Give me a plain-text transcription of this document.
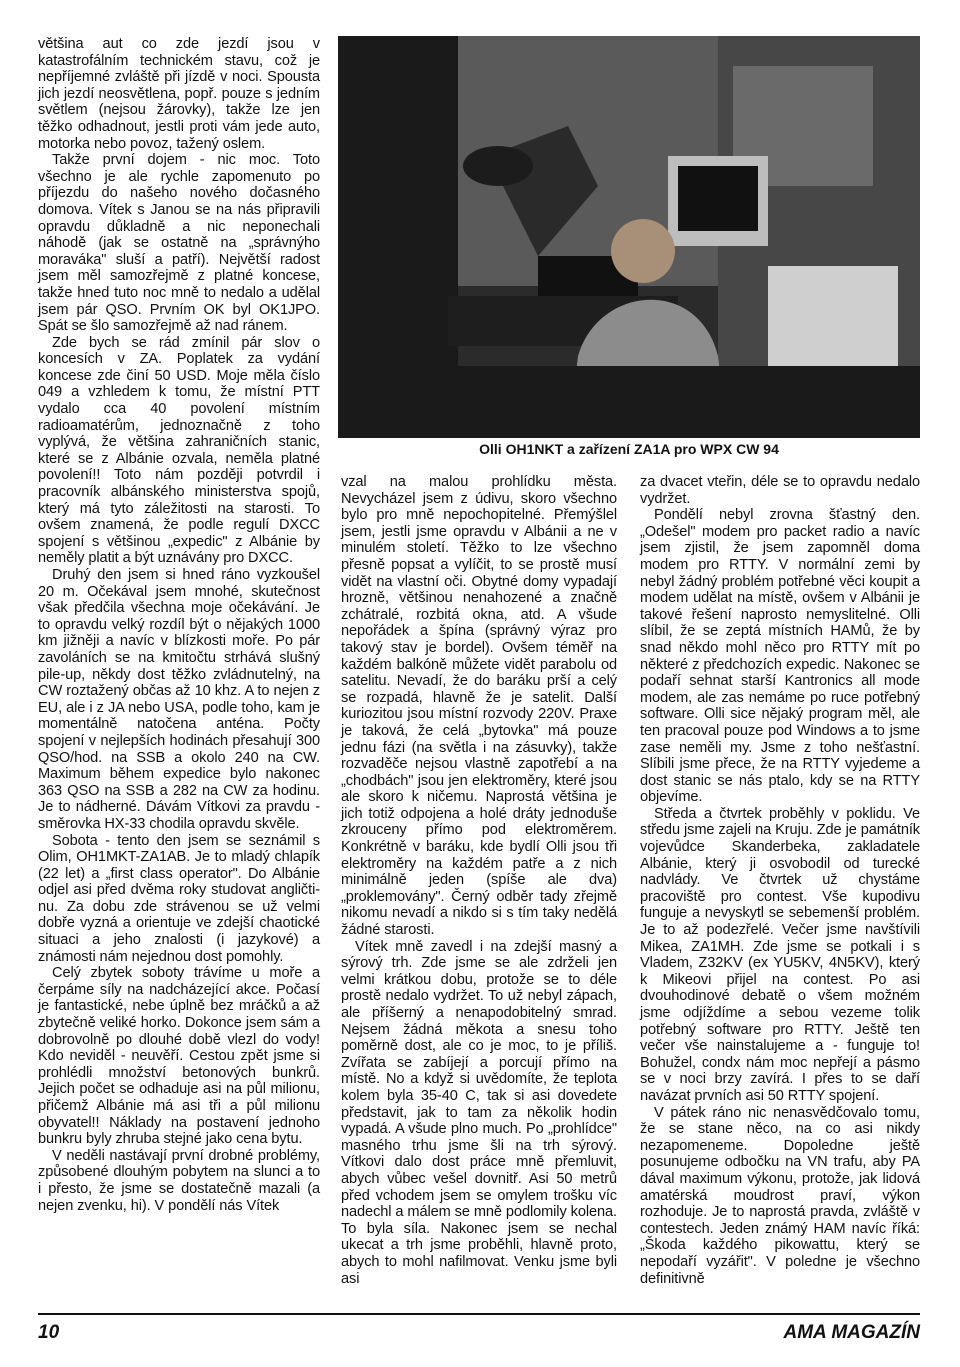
většina aut co zde jezdí jsou v katastrofálním technickém stavu, což je nepříjemné zvláště při jízdě v noci. Spousta jich jezdí neosvětlena, popř. pouze s jedním světlem (nejsou žárovky), takže lze jen těžko odhadnout, jestli proti vám jede auto, motorka nebo povoz, tažený oslem.

Takže první dojem - nic moc. Toto všechno je ale rychle zapomenuto po příjezdu do našeho nového dočasného domova. Vítek s Janou se na nás připravili opravdu důkladně a nic neponechali náhodě (jak se ostatně na „správnýho moraváka" sluší a patří). Největší radost jsem měl samozřejmě z platné koncese, takže hned tuto noc mně to nedalo a udělal jsem pár QSO. Prvním OK byl OK1JPO. Spát se šlo samozřejmě až nad ránem.

Zde bych se rád zmínil pár slov o koncesích v ZA. Poplatek za vydání koncese zde činí 50 USD. Moje měla číslo 049 a vzhledem k tomu, že místní PTT vydalo cca 40 povolení místním radioamatérům, jednoznačně z toho vyplývá, že většina zahraničních stanic, které se z Albánie ozvala, neměla platné povolení!! Toto nám později potvrdil i pracovník albánského ministerstva spojů, který má tyto záležitosti na starosti. To ovšem znamená, že podle regulí DXCC spojení s většinou „expedic" z Albánie by neměly platit a být uznávány pro DXCC.

Druhý den jsem si hned ráno vyzkoušel 20 m. Očekával jsem mnohé, skutečnost však předčila všechna moje očekávání. Je to opravdu velký rozdíl být o nějakých 1000 km jižněji a navíc v blízkosti moře. Po pár zavoláních se na kmitočtu strhává slušný pile-up, někdy dost těžko zvládnutelný, na CW roztažený občas až 10 khz. A to nejen z EU, ale i z JA nebo USA, podle toho, kam je momentálně natočena anténa. Počty spojení v nejlepších hodinách přesahují 300 QSO/hod. na SSB a okolo 240 na CW. Maximum během expedice bylo nakonec 363 QSO na SSB a 282 na CW za hodinu. Je to nádherné. Dávám Vítkovi za pravdu - směrovka HX-33 chodila opravdu skvěle.

Sobota - tento den jsem se seznámil s Olim, OH1MKT-ZA1AB. Je to mladý chlapík (22 let) a „first class operator". Do Albánie odjel asi před dvěma roky studovat angličti-nu. Za dobu zde strávenou se už velmi dobře vyzná a orientuje ve zdejší chaotické situaci a jeho znalosti (i jazykové) a známosti nám nejednou dost pomohly.

Celý zbytek soboty trávíme u moře a čerpáme síly na nadcházející akce. Počasí je fantastické, nebe úplně bez mráčků a až zbytečně veliké horko. Dokonce jsem sám a dobrovolně po dlouhé době vlezl do vody! Kdo neviděl - neuvěří. Cestou zpět jsme si prohlédli množství betonových bunkrů. Jejich počet se odhaduje asi na půl milionu, přičemž Albánie má asi tři a půl milionu obyvatel!! Náklady na postavení jednoho bunkru byly zhruba stejné jako cena bytu.

V neděli nastávají první drobné problémy, způsobené dlouhým pobytem na slunci a to i přesto, že jsme se dostatečně mazali (a nejen zvenku, hi). V pondělí nás Vítek

Olli OH1NKT a zařízení ZA1A pro WPX CW 94

vzal na malou prohlídku města. Nevycházel jsem z údivu, skoro všechno bylo pro mně nepochopitelné. Přemýšlel jsem, jestli jsme opravdu v Albánii a ne v minulém století. Těžko to lze všechno přesně popsat a vylíčit, to se prostě musí vidět na vlastní oči. Obytné domy vypadají hrozně, většinou nenahozené a značně zchátralé, rozbitá okna, atd. A všude nepořádek a špína (správný výraz pro takový stav je bordel). Ovšem téměř na každém balkóně můžete vidět parabolu od satelitu. Nevadí, že do baráku prší a celý se rozpadá, hlavně že je satelit. Další kuriozitou jsou místní rozvody 220V. Praxe je taková, že celá „bytovka" má pouze jednu fázi (na světla i na zásuvky), takže rozvaděče nejsou vlastně zapotřebí a na „chodbách" jsou jen elektroměry, které jsou ale skoro k ničemu. Naprostá většina je jich totiž odpojena a holé dráty jednoduše zkrouceny přímo pod elektroměrem. Konkrétně v baráku, kde bydlí Olli jsou tři elektroměry na každém patře a z nich minimálně jeden (spíše ale dva) „proklemovány". Černý odběr tady zřejmě nikomu nevadí a nikdo si s tím taky nedělá žádné starosti.

Vítek mně zavedl i na zdejší masný a sýrový trh. Zde jsme se ale zdrželi jen velmi krátkou dobu, protože se to déle prostě nedalo vydržet. To už nebyl zápach, ale příšerný a nenapodobitelný smrad. Nejsem žádná měkota a snesu toho poměrně dost, ale co je moc, to je příliš. Zvířata se zabíjejí a porcují přímo na místě. No a když si uvědomíte, že teplota kolem byla 35-40 C, tak si asi dovedete představit, jak to tam za několik hodin vypadá. A všude plno much. Po „prohlídce" masného trhu jsme šli na trh sýrový. Vítkovi dalo dost práce mně přemluvit, abych vůbec vešel dovnitř. Asi 50 metrů před vchodem jsem se omylem trošku víc nadechl a málem se mně podlomily kolena. To byla síla. Nakonec jsem se nechal ukecat a trh jsme proběhli, hlavně proto, abych to mohl nafilmovat. Venku jsme byli asi

za dvacet vteřin, déle se to opravdu nedalo vydržet.

Pondělí nebyl zrovna šťastný den. „Odešel" modem pro packet radio a navíc jsem zjistil, že jsem zapomněl doma modem pro RTTY. V normální zemi by nebyl žádný problém potřebné věci koupit a modem udělat na místě, ovšem v Albánii je takové řešení naprosto nemyslitelné. Olli slíbil, že se zeptá místních HAMů, že by snad někdo mohl něco pro RTTY mít po některé z předchozích expedic. Nakonec se podaří sehnat starší Kantronics all mode modem, ale zas nemáme po ruce potřebný software. Olli sice nějaký program měl, ale ten pracoval pouze pod Windows a to jsme zase neměli my. Jsme z toho nešťastní. Slíbili jsme přece, že na RTTY vyjedeme a dost stanic se nás ptalo, kdy se na RTTY objevíme.

Středa a čtvrtek proběhly v poklidu. Ve středu jsme zajeli na Kruju. Zde je památník vojevůdce Skanderbeka, zakladatele Albánie, který ji osvobodil od turecké nadvlády. Ve čtvrtek už chystáme pracoviště pro contest. Vše kupodivu funguje a nevyskytl se sebemenší problém. Je to až podezřelé. Večer jsme navštívili Mikea, ZA1MH. Zde jsme se potkali i s Vladem, Z32KV (ex YU5KV, 4N5KV), který k Mikeovi přijel na contest. Po asi dvouhodinové debatě o všem možném jsme odjíždíme a sebou vezeme tolik potřebný software pro RTTY. Ještě ten večer vše nainstalujeme a - funguje to! Bohužel, condx nám moc nepřejí a pásmo se v noci brzy zavírá. I přes to se daří navázat prvních asi 50 RTTY spojení.

V pátek ráno nic nenasvědčovalo tomu, že se stane něco, na co asi nikdy nezapomeneme. Dopoledne ještě posunujeme odbočku na VN trafu, aby PA dával maximum výkonu, protože, jak lidová amatérská moudrost praví, výkon rozhoduje. Je to naprostá pravda, zvláště v contestech. Jeden známý HAM navíc říká:„Škoda každého pikowattu, který se nepodaří vyzářit". V poledne je všechno definitivně

10	AMA MAGAZÍN
